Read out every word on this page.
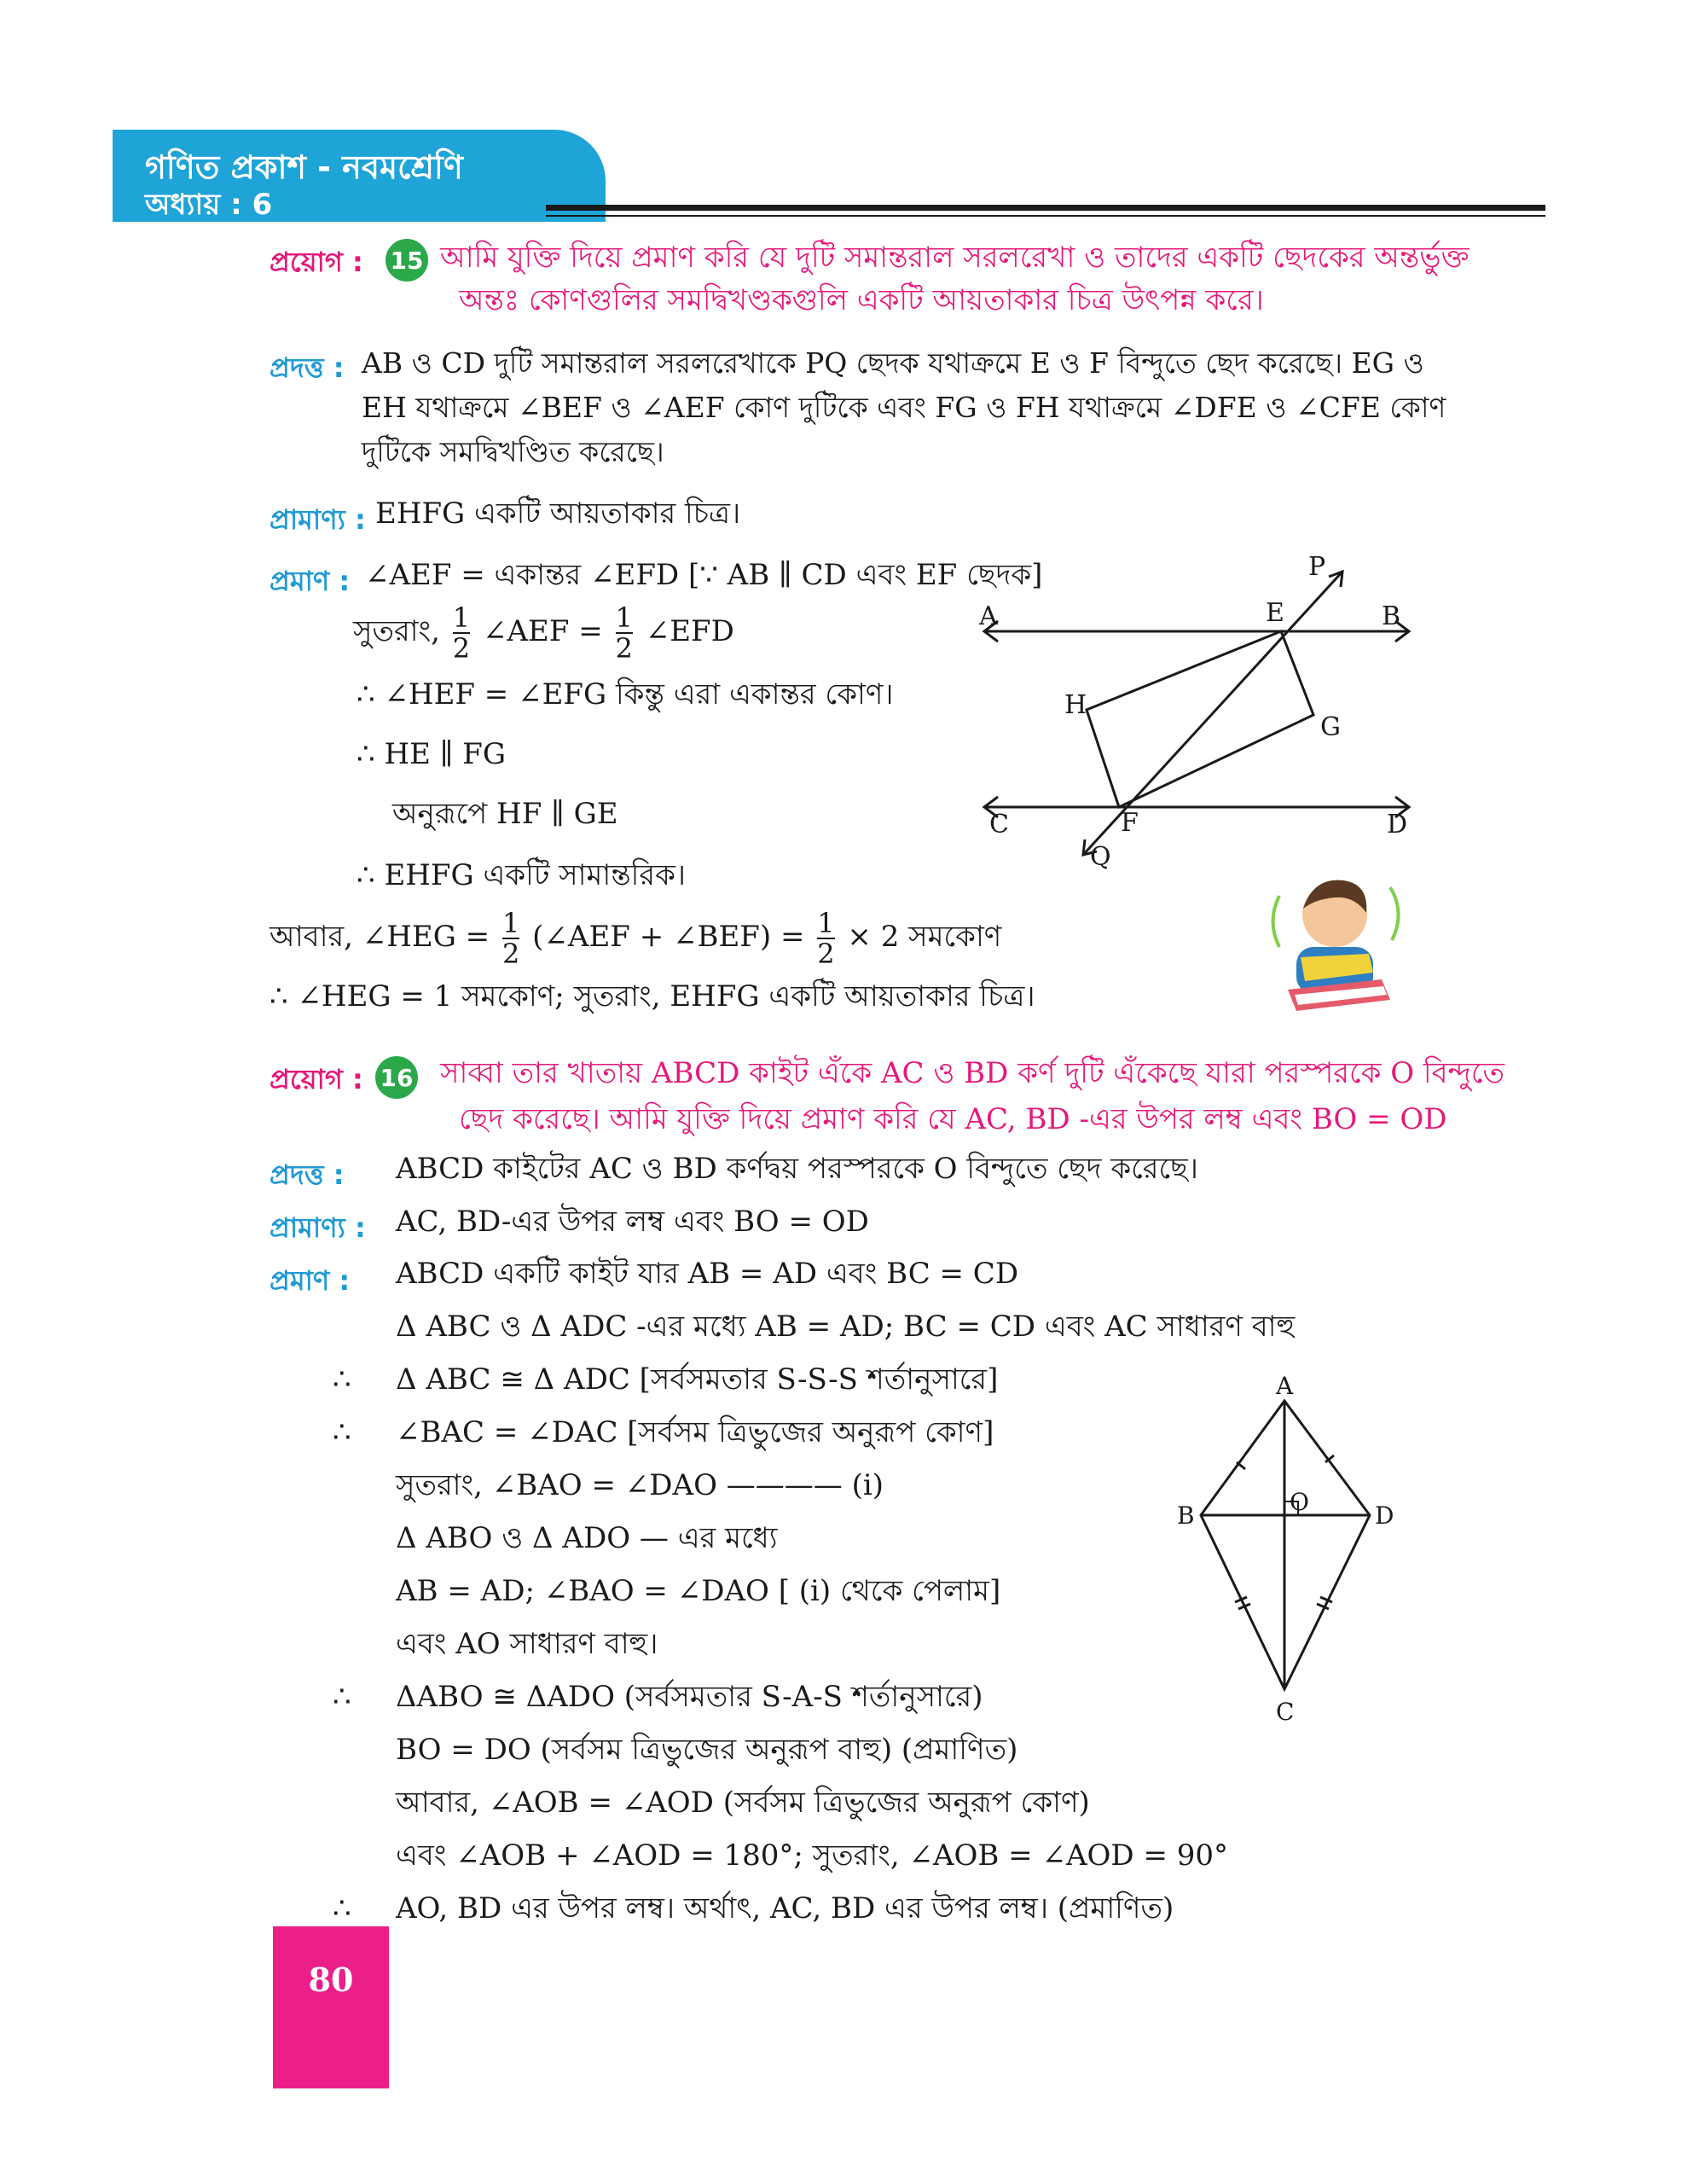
গণিত প্রকাশ - নবমশ্রেণি
অধ্যায় : 6
প্রয়োগ : 15 আমি যুক্তি দিয়ে প্রমাণ করি যে দুটি সমান্তরাল সরলরেখা ও তাদের একটি ছেদকের অন্তর্ভুক্ত
অন্তঃ কোণগুলির সমদ্বিখণ্ডকগুলি একটি আয়তাকার চিত্র উৎপন্ন করে।
প্রদত্ত : AB ও CD দুটি সমান্তরাল সরলরেখাকে PQ ছেদক যথাক্রমে E ও F বিন্দুতে ছেদ করেছে। EG ও
EH যথাক্রমে ∠BEF ও ∠AEF কোণ দুটিকে এবং FG ও FH যথাক্রমে ∠DFE ও ∠CFE কোণ
দুটিকে সমদ্বিখণ্ডিত করেছে।
প্রামাণ্য : EHFG একটি আয়তাকার চিত্র।
প্রমাণ : ∠AEF = একান্তর ∠EFD [∵ AB ∥ CD এবং EF ছেদক]
সুতরাং, $\frac{1}{2}$ ∠AEF = $\frac{1}{2}$ ∠EFD
∴ ∠HEF = ∠EFG কিন্তু এরা একান্তর কোণ।
∴ HE ∥ FG
অনুরূপে HF ∥ GE
∴ EHFG একটি সামান্তরিক।
আবার, ∠HEG = $\frac{1}{2}$ (∠AEF + ∠BEF) = $\frac{1}{2} \times 2$ সমকোণ
∴ ∠HEG = 1 সমকোণ; সুতরাং, EHFG একটি আয়তাকার চিত্র।
A	E	B
P
H
G
C	F	D
Q
প্রয়োগ : 16 সাব্বা তার খাতায় ABCD কাইট এঁকে AC ও BD কর্ণ দুটি এঁকেছে যারা পরস্পরকে O বিন্দুতে
ছেদ করেছে। আমি যুক্তি দিয়ে প্রমাণ করি যে AC, BD -এর উপর লম্ব এবং BO = OD
প্রদত্ত : ABCD কাইটের AC ও BD কর্ণদ্বয় পরস্পরকে O বিন্দুতে ছেদ করেছে।
প্রামাণ্য : AC, BD-এর উপর লম্ব এবং BO = OD
প্রমাণ : ABCD একটি কাইট যার AB = AD এবং BC = CD
Δ ABC ও Δ ADC -এর মধ্যে AB = AD; BC = CD এবং AC সাধারণ বাহু
∴	Δ ABC ≅ Δ ADC [সর্বসমতার S-S-S শর্তানুসারে]
∴	∠BAC = ∠DAC [সর্বসম ত্রিভুজের অনুরূপ কোণ]
সুতরাং, ∠BAO = ∠DAO ———— (i)
Δ ABO ও Δ ADO — এর মধ্যে
AB = AD; ∠BAO = ∠DAO [ (i) থেকে পেলাম]
এবং AO সাধারণ বাহু।
∴	ΔABO ≅ ΔADO (সর্বসমতার S-A-S শর্তানুসারে)
BO = DO (সর্বসম ত্রিভুজের অনুরূপ বাহু) (প্রমাণিত)
আবার, ∠AOB = ∠AOD (সর্বসম ত্রিভুজের অনুরূপ কোণ)
এবং ∠AOB + ∠AOD = 180°; সুতরাং, ∠AOB = ∠AOD = 90°
∴	AO, BD এর উপর লম্ব। অর্থাৎ, AC, BD এর উপর লম্ব। (প্রমাণিত)
A
B	O	D
C
80
